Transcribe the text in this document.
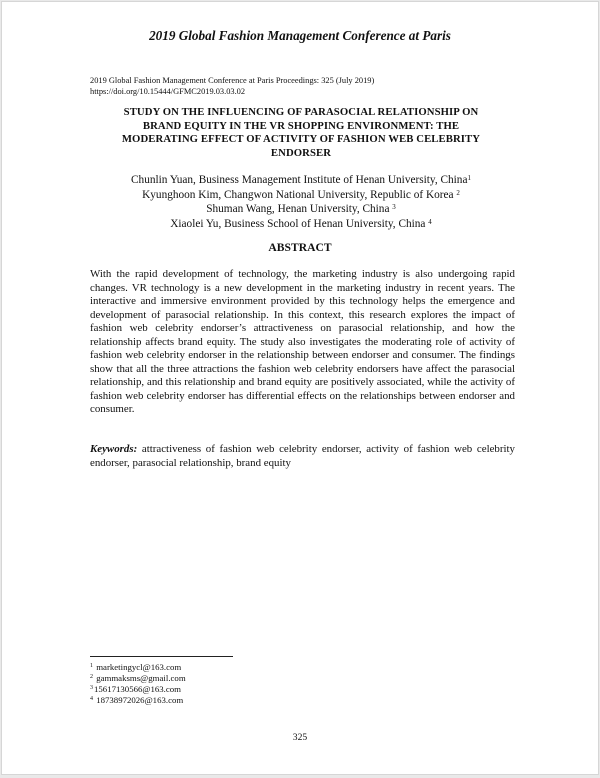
2019 Global Fashion Management Conference at Paris
2019 Global Fashion Management Conference at Paris Proceedings: 325 (July 2019)
https://doi.org/10.15444/GFMC2019.03.03.02
STUDY ON THE INFLUENCING OF PARASOCIAL RELATIONSHIP ON
BRAND EQUITY IN THE VR SHOPPING ENVIRONMENT: THE
MODERATING EFFECT OF ACTIVITY OF FASHION WEB CELEBRITY
ENDORSER
Chunlin Yuan, Business Management Institute of Henan University, China$^1$
Kyunghoon Kim, Changwon National University, Republic of Korea $^2$
Shuman Wang, Henan University, China $^3$
Xiaolei Yu, Business School of Henan University, China $^4$
ABSTRACT
With the rapid development of technology, the marketing industry is also undergoing rapid changes. VR technology is a new development in the marketing industry in recent years. The interactive and immersive environment provided by this technology helps the emergence and development of parasocial relationship. In this context, this research explores the impact of fashion web celebrity endorser’s attractiveness on parasocial relationship, and how the relationship affects brand equity. The study also investigates the moderating role of activity of fashion web celebrity endorser in the relationship between endorser and consumer. The findings show that all the three attractions the fashion web celebrity endorsers have affect the parasocial relationship, and this relationship and brand equity are positively associated, while the activity of fashion web celebrity endorser has differential effects on the relationships between endorser and consumer.
Keywords: attractiveness of fashion web celebrity endorser, activity of fashion web celebrity endorser, parasocial relationship, brand equity
$^1$ marketingycl@163.com
$^2$ gammaksms@gmail.com
$^3$15617130566@163.com
$^4$ 18738972026@163.com
325
